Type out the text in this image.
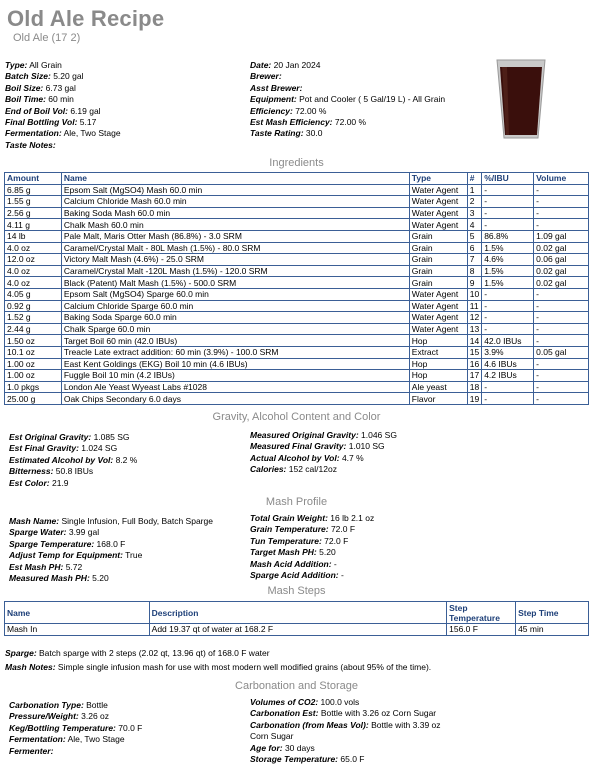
Old Ale Recipe
Old Ale (17 2)
Type: All Grain
Batch Size: 5.20 gal
Boil Size: 6.73 gal
Boil Time: 60 min
End of Boil Vol: 6.19 gal
Final Bottling Vol: 5.17
Fermentation: Ale, Two Stage
Taste Notes:
Date: 20 Jan 2024
Brewer:
Asst Brewer:
Equipment: Pot and Cooler ( 5 Gal/19 L) - All Grain
Efficiency: 72.00 %
Est Mash Efficiency: 72.00 %
Taste Rating: 30.0
Ingredients
Amount	Name	Type	#	%/IBU	Volume
6.85 g	Epsom Salt (MgSO4) Mash 60.0 min	Water Agent	1	-	-
1.55 g	Calcium Chloride Mash 60.0 min	Water Agent	2	-	-
2.56 g	Baking Soda Mash 60.0 min	Water Agent	3	-	-
4.11 g	Chalk Mash 60.0 min	Water Agent	4	-	-
14 lb	Pale Malt, Maris Otter Mash (86.8%) - 3.0 SRM	Grain	5	86.8%	1.09 gal
4.0 oz	Caramel/Crystal Malt - 80L Mash (1.5%) - 80.0 SRM	Grain	6	1.5%	0.02 gal
12.0 oz	Victory Malt Mash (4.6%) - 25.0 SRM	Grain	7	4.6%	0.06 gal
4.0 oz	Caramel/Crystal Malt -120L Mash (1.5%) - 120.0 SRM	Grain	8	1.5%	0.02 gal
4.0 oz	Black (Patent) Malt Mash (1.5%) - 500.0 SRM	Grain	9	1.5%	0.02 gal
4.05 g	Epsom Salt (MgSO4) Sparge 60.0 min	Water Agent	10	-	-
0.92 g	Calcium Chloride Sparge 60.0 min	Water Agent	11	-	-
1.52 g	Baking Soda Sparge 60.0 min	Water Agent	12	-	-
2.44 g	Chalk Sparge 60.0 min	Water Agent	13	-	-
1.50 oz	Target Boil 60 min (42.0 IBUs)	Hop	14	42.0 IBUs	-
10.1 oz	Treacle Late extract addition: 60 min (3.9%) - 100.0 SRM	Extract	15	3.9%	0.05 gal
1.00 oz	East Kent Goldings (EKG) Boil 10 min (4.6 IBUs)	Hop	16	4.6 IBUs	-
1.00 oz	Fuggle Boil 10 min (4.2 IBUs)	Hop	17	4.2 IBUs	-
1.0 pkgs	London Ale Yeast Wyeast Labs #1028	Ale yeast	18	-	-
25.00 g	Oak Chips Secondary 6.0 days	Flavor	19	-	-
Gravity, Alcohol Content and Color
Est Original Gravity: 1.085 SG
Est Final Gravity: 1.024 SG
Estimated Alcohol by Vol: 8.2 %
Bitterness: 50.8 IBUs
Est Color: 21.9
Measured Original Gravity: 1.046 SG
Measured Final Gravity: 1.010 SG
Actual Alcohol by Vol: 4.7 %
Calories: 152 cal/12oz
Mash Profile
Mash Name: Single Infusion, Full Body, Batch Sparge
Sparge Water: 3.99 gal
Sparge Temperature: 168.0 F
Adjust Temp for Equipment: True
Est Mash PH: 5.72
Measured Mash PH: 5.20
Total Grain Weight: 16 lb 2.1 oz
Grain Temperature: 72.0 F
Tun Temperature: 72.0 F
Target Mash PH: 5.20
Mash Acid Addition: -
Sparge Acid Addition: -
Mash Steps
Name	Description	Step Temperature	Step Time
Mash In	Add 19.37 qt of water at 168.2 F	156.0 F	45 min
Sparge: Batch sparge with 2 steps (2.02 qt, 13.96 qt) of 168.0 F water
Mash Notes: Simple single infusion mash for use with most modern well modified grains (about 95% of the time).
Carbonation and Storage
Carbonation Type: Bottle
Pressure/Weight: 3.26 oz
Keg/Bottling Temperature: 70.0 F
Fermentation: Ale, Two Stage
Fermenter:
Volumes of CO2: 100.0 vols
Carbonation Est: Bottle with 3.26 oz Corn Sugar
Carbonation (from Meas Vol): Bottle with 3.39 oz
Corn Sugar
Age for: 30 days
Storage Temperature: 65.0 F
